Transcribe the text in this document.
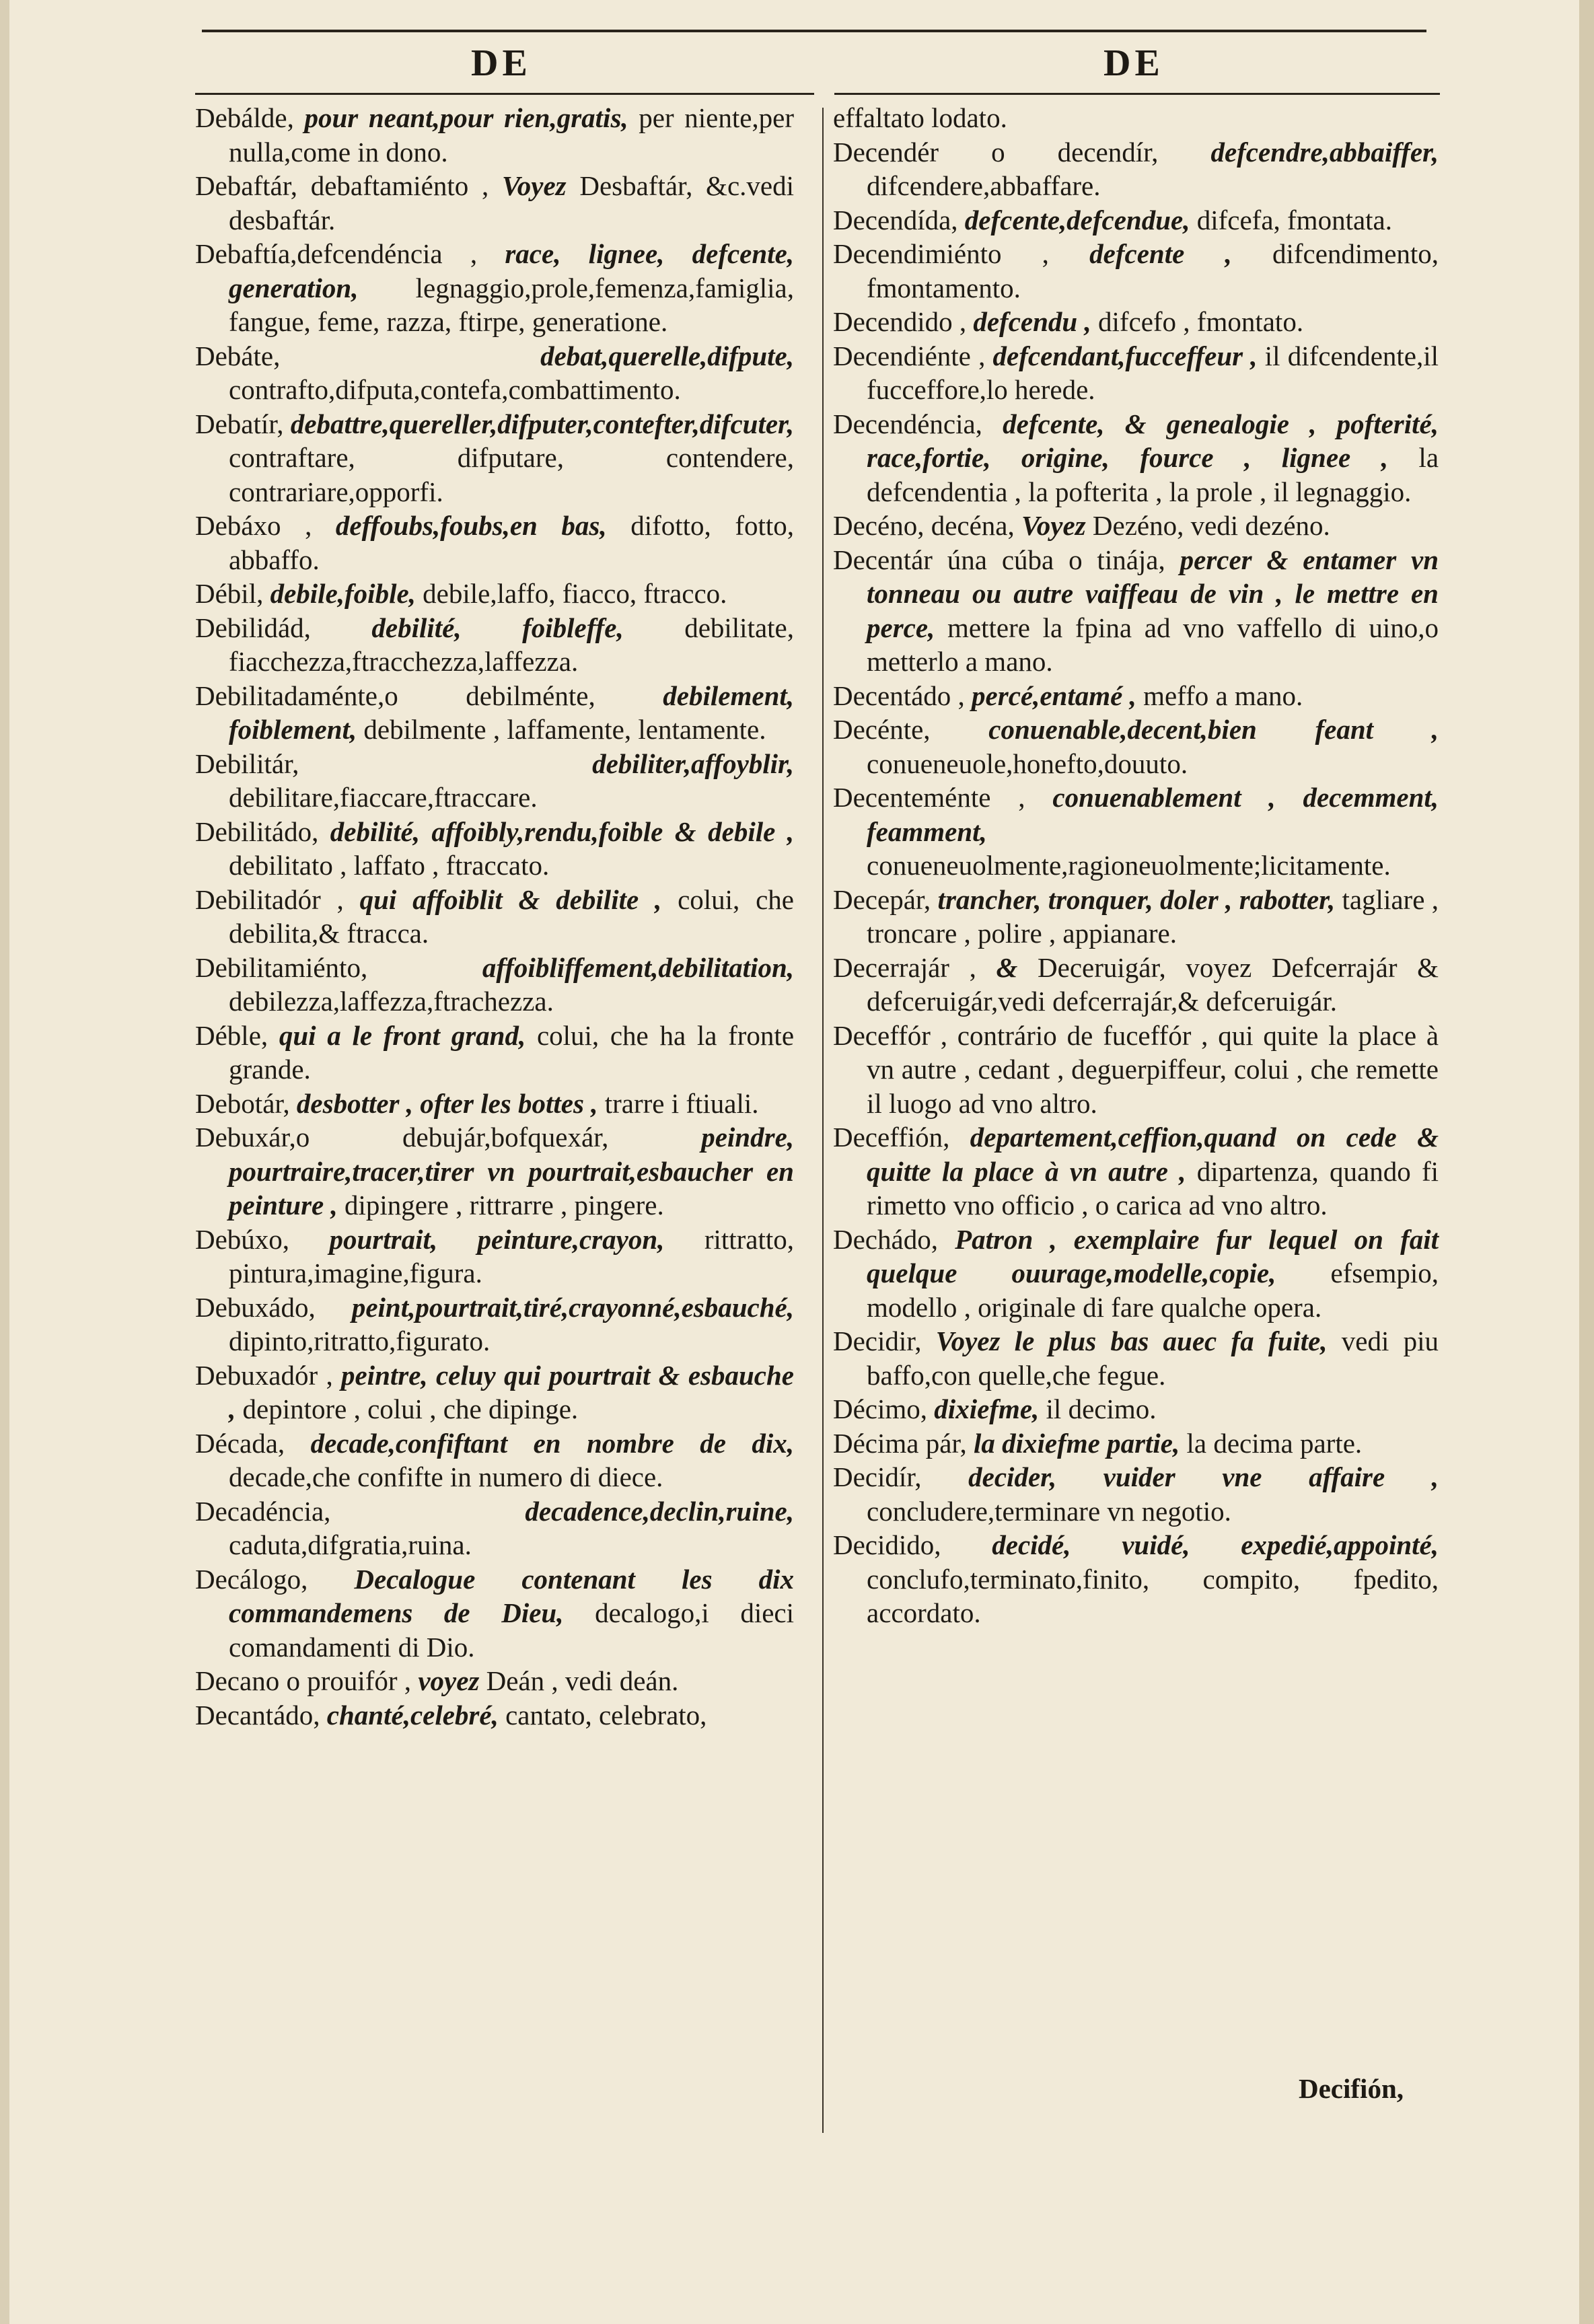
DE	DE

Debálde, pour neant,pour rien,gratis, per niente,per nulla,come in dono.

Debaftár, debaftamiénto , Voyez Desbaftár, &c.vedi desbaftár.

Debaftía,defcendéncia , race, lignee, defcente, generation, legnaggio,prole,femenza,famiglia, fangue, feme, razza, ftirpe, generatione.

Debáte,	debat,querelle,difpute, contrafto,difputa,contefa,combattimento.

Debatír, debattre,quereller,difputer,contefter,difcuter, contraftare, difputare, contendere, contrariare,opporfi.

Debáxo , deffoubs,foubs,en bas, difotto, fotto, abbaffo.

Débil, debile,foible, debile,laffo, fiacco, ftracco.

Debilidád, debilité, foibleffe, debilitate, fiacchezza,ftracchezza,laffezza.

Debilitadaménte,o debilménte, debilement, foiblement, debilmente , laffamente, lentamente.

Debilitár,	debiliter,affoyblir, debilitare,fiaccare,ftraccare.

Debilitádo, debilité, affoibly,rendu,foible & debile , debilitato , laffato , ftraccato.

Debilitadór , qui affoiblit & debilite , colui, che debilita,& ftracca.

Debilitamiénto,	affoibliffement,debilitation, debilezza,laffezza,ftrachezza.

Déble, qui a le front grand, colui, che ha la fronte grande.

Debotár, desbotter , ofter les bottes , trarre i ftiuali.

Debuxár,o debujár,bofquexár,	peindre, pourtraire,tracer,tirer vn pourtrait,esbaucher en peinture , dipingere , rittrarre , pingere.

Debúxo, pourtrait, peinture,crayon, rittratto, pintura,imagine,figura.

Debuxádo, peint,pourtrait,tiré,crayonné,esbauché, dipinto,ritratto,figurato.

Debuxadór , peintre, celuy qui pourtrait & esbauche , depintore , colui , che dipinge.

Década, decade,confiftant en nombre de dix, decade,che confifte in numero di diece.

Decadéncia,	decadence,declin,ruine, caduta,difgratia,ruina.

Decálogo, Decalogue contenant les dix commandemens de Dieu, decalogo,i dieci comandamenti di Dio.

Decano o prouifór , voyez Deán , vedi deán.

Decantádo, chanté,celebré, cantato, celebrato,

effaltato lodato.

Decendér o decendír, defcendre,abbaiffer, difcendere,abbaffare.

Decendída, defcente,defcendue, difcefa, fmontata.

Decendimiénto , defcente , difcendimento, fmontamento.

Decendido , defcendu , difcefo , fmontato.

Decendiénte , defcendant,fucceffeur , il difcendente,il fucceffore,lo herede.

Decendéncia, defcente, & genealogie , pofterité, race,fortie, origine, fource , lignee , la defcendentia , la pofterita , la prole , il legnaggio.

Decéno, decéna, Voyez Dezéno, vedi dezéno.

Decentár úna cúba o tinája, percer & entamer vn tonneau ou autre vaiffeau de vin , le mettre en perce, mettere la fpina ad vno vaffello di uino,o metterlo a mano.

Decentádo , percé,entamé , meffo a mano.

Decénte, conuenable,decent,bien feant , conueneuole,honefto,douuto.

Decenteménte , conuenablement , decemment, feamment, conueneuolmente,ragioneuolmente;licitamente.

Decepár, trancher, tronquer, doler , rabotter, tagliare , troncare , polire , appianare.

Decerrajár , & Deceruigár, voyez Defcerrajár & defceruigár,vedi defcerrajár,& defceruigár.

Deceffór , contrário de fuceffór , qui quite la place à vn autre , cedant , deguerpiffeur, colui , che remette il luogo ad vno altro.

Deceffión, departement,ceffion,quand on cede & quitte la place à vn autre , dipartenza, quando fi rimetto vno officio , o carica ad vno altro.

Dechádo, Patron , exemplaire fur lequel on fait quelque ouurage,modelle,copie, efsempio, modello , originale di fare qualche opera.

Decidir, Voyez le plus bas auec fa fuite, vedi piu baffo,con quelle,che fegue.

Décimo, dixiefme, il decimo.

Décima pár, la dixiefme partie, la decima parte.

Decidír, decider, vuider vne affaire , concludere,terminare vn negotio.

Decidido, decidé, vuidé, expedié,appointé, conclufo,terminato,finito, compito, fpedito, accordato.

Decifión,
